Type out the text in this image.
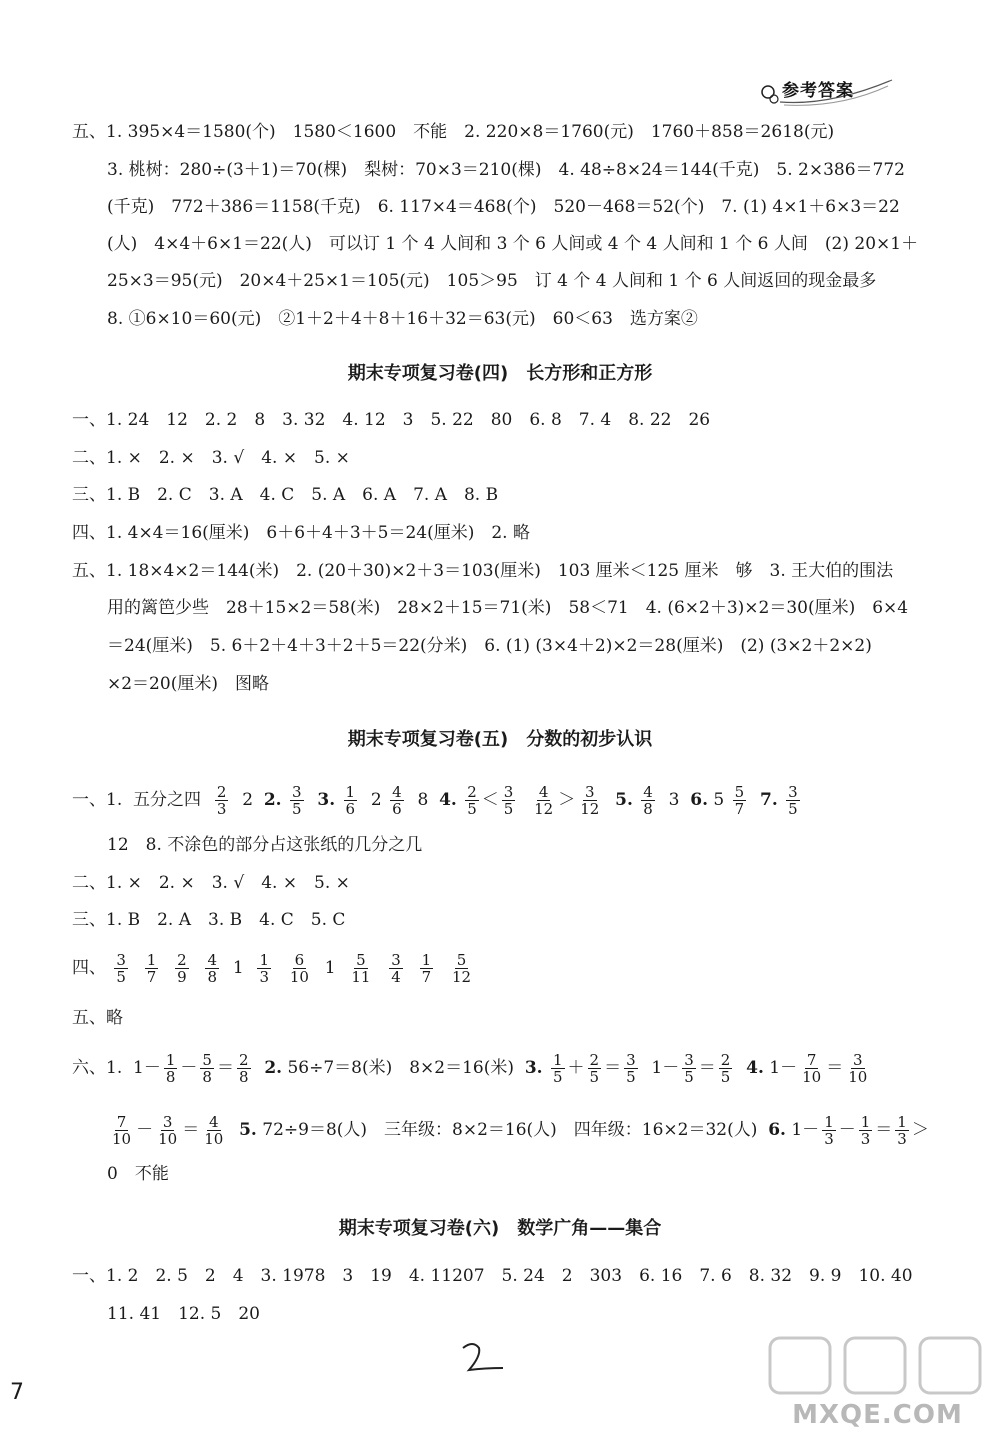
参考答案
五、1. 395×4＝1580(个)　1580＜1600　不能　2. 220×8＝1760(元)　1760＋858＝2618(元)
3. 桃树：280÷(3＋1)＝70(棵)　梨树：70×3＝210(棵)　4. 48÷8×24＝144(千克)　5. 2×386＝772
(千克)　772＋386＝1158(千克)　6. 117×4＝468(个)　520－468＝52(个)　7. (1) 4×1＋6×3＝22
(人)　4×4＋6×1＝22(人)　可以订 1 个 4 人间和 3 个 6 人间或 4 个 4 人间和 1 个 6 人间　(2) 20×1＋
25×3＝95(元)　20×4＋25×1＝105(元)　105＞95　订 4 个 4 人间和 1 个 6 人间返回的现金最多
8. ①6×10＝60(元)　②1＋2＋4＋8＋16＋32＝63(元)　60＜63　选方案②
期末专项复习卷(四)　长方形和正方形
一、1. 24　12　2. 2　8　3. 32　4. 12　3　5. 22　80　6. 8　7. 4　8. 22　26
二、1. ×　2. ×　3. √　4. ×　5. ×
三、1. B　2. C　3. A　4. C　5. A　6. A　7. A　8. B
四、1. 4×4＝16(厘米)　6＋6＋4＋3＋5＝24(厘米)　2. 略
五、1. 18×4×2＝144(米)　2. (20＋30)×2＋3＝103(厘米)　103 厘米＜125 厘米　够　3. 王大伯的围法
用的篱笆少些　28＋15×2＝58(米)　28×2＋15＝71(米)　58＜71　4. (6×2＋3)×2＝30(厘米)　6×4
＝24(厘米)　5. 6＋2＋4＋3＋2＋5＝22(分米)　6. (1) (3×4＋2)×2＝28(厘米)　(2) (3×2＋2×2)
×2＝20(厘米)　图略
期末专项复习卷(五)　分数的初步认识
一、1. 五分之四 $\frac{2}{3} 2$  2. $\frac{3}{5} 3$. $\frac{1}{6} 2 \frac{4}{6} 8$  4. $\frac{2}{5} < \frac{3}{5}$
$\frac{4}{12} > \frac{3}{12} 5$. $\frac{4}{8} 3$  6. $5 \frac{5}{7} 7$. $\frac{3}{5}$
12　8. 不涂色的部分占这张纸的几分之几
二、1. ×　2. ×　3. √　4. ×　5. ×
三、1. B　2. A　3. B　4. C　5. C
四、 $\frac{3}{5}$
$\frac{1}{7}$
$\frac{2}{9}$
$\frac{4}{8} 1 \frac{1}{3}$
$\frac{6}{10} 1 \frac{5}{11}$
$\frac{3}{4}$
$\frac{1}{7}$
$\frac{5}{12}$
五、略
六、1.  $1- \frac{1}{8} - \frac{5}{8} = \frac{2}{8} 2$. 56÷7＝8(米)　8×2＝16(米)  3. $\frac{1}{5} + \frac{2}{5} = \frac{3}{5} 1- \frac{3}{5} = \frac{2}{5} 4$. $1- \frac{7}{10} = \frac{3}{10}$
$\frac{7}{10} - \frac{3}{10} = \frac{4}{10} 5$. 72÷9＝8(人)　三年级：8×2＝16(人)　四年级：16×2＝32(人)  6. $1- \frac{1}{3} - \frac{1}{3} = \frac{1}{3}$ ＞
0　不能
期末专项复习卷(六)　数学广角——集合
一、1. 2　2. 5　2　4　3. 1978　3　19　4. 11207　5. 24　2　303　6. 16　7. 6　8. 32　9. 9　10. 40
11. 41　12. 5　20
7
MXQE.COM
